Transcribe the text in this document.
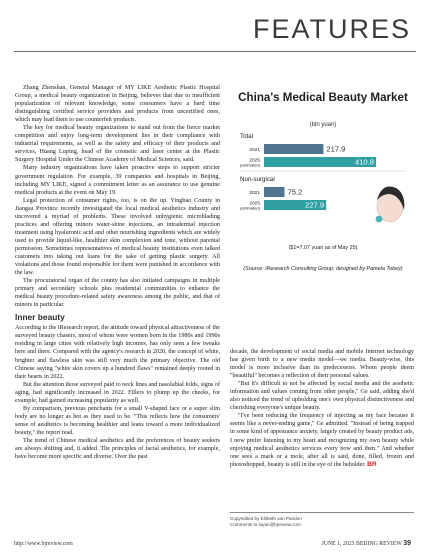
FEATURES

Zhang Zhenshan, General Manager of MY LIKE Aesthetic Plastic Hospital Group, a medical beauty organization in Beijing, believes that due to insufficient popularization of relevant knowledge, some consumers have a hard time distinguishing certified service providers and products from uncertified ones, which may lead them to use counterfeit products.

The key for medical beauty organizations to stand out from the fierce market competition and enjoy long-term development lies in their compliance with industrial requirements, as well as the safety and efficacy of their products and services, Huang Luping, head of the cosmetic and laser center at the Plastic Surgery Hospital Under the Chinese Academy of Medical Sciences, said.

Many industry organizations have taken proactive steps to support stricter government regulation. For example, 39 companies and hospitals in Beijing, including MY LIKE, signed a commitment letter as an assurance to use genuine medical products at the event on May 19.

Legal protection of consumer rights, too, is on the up. Yingbao County in Jiangsu Province recently investigated the local medical aesthetics industry and uncovered a myriad of problems. These involved unhygienic microblading practices and offering minors water-shine injections, an intradermal injection treatment using hyaluronic acid and other nourishing ingredients which are widely used to provide liquid-like, healthier skin complexion and tone, without parental permission. Sometimes representatives of medical beauty institutions even talked customers into taking out loans for the sake of getting plastic surgery. All violations and those found responsible for them were punished in accordance with the law.

The procuratorial organ of the county has also initiated campaigns in multiple primary and secondary schools plus residential communities to enhance the medical beauty procedure-related safety awareness among the public, and that of minors in particular.

Inner beauty

According to the iResearch report, the attitude toward physical attractiveness of the surveyed beauty chasers, most of whom were women born in the 1980s and 1990s residing in large cities with relatively high incomes, has only seen a few tweaks here and there. Compared with the agency's research in 2020, the concept of white, brighter and flawless skin was still very much the primary objective. The old Chinese saying "white skin covers up a hundred flaws" remained deeply rooted in their hearts in 2022.

But the attention those surveyed paid to neck lines and nasolabial folds, signs of aging, had significantly increased in 2022. Fillers to plump up the cheeks, for example, had gained increasing popularity as well.

By comparison, previous penchants for a small V-shaped face or a super slim body are no longer as hot as they used to be. "This reflects how the consumers' sense of aesthetics is becoming healthier and leans toward a more individualized beauty," the report read.

The trend of Chinese medical aesthetics and the preferences of beauty seekers are always shifting and, it added. The principles of facial aesthetics, for example, have become more specific and diverse. Over the past

China's Medical Beauty Market
(bln yuan)
Total
2021	217.9
2025
(estimated)	410.8
Non-surgical
2021	75.2
2025
(estimated)	227.9
($1=7.07 yuan as of May 25)
(Source: iResearch Consulting Group; designed by Pamela Tobey)

decade, the development of social media and mobile Internet technology has given birth to a new media model—we media. Beauty-wise, this model is more inclusive than its predecessors. Whom people deem "beautiful" becomes a reflection of their personal values.

"But it's difficult to not be affected by social media and the aesthetic information and values coming from other people," Ge said, adding she'd also noticed the trend of upholding one's own physical distinctiveness and cherishing everyone's unique beauty.

"I've been reducing the frequency of injecting as my face because it seems like a never-ending game," Ge admitted. "Instead of being trapped in some kind of appearance anxiety, largely created by beauty product ads, I now prefer listening to my heart and recognizing my own beauty while enjoying medical aesthetics services every now and then." And whether one sees a mark or a mole, after all is said, done, filled, frozen and photoshopped, beauty is still in the eye of the beholder. BR

Copyedited by Elsbeth van Paridon
Comments to luyan@bjreview.com
http://www.bjreview.com	JUNE 1, 2023 BEIJING REVIEW 39
